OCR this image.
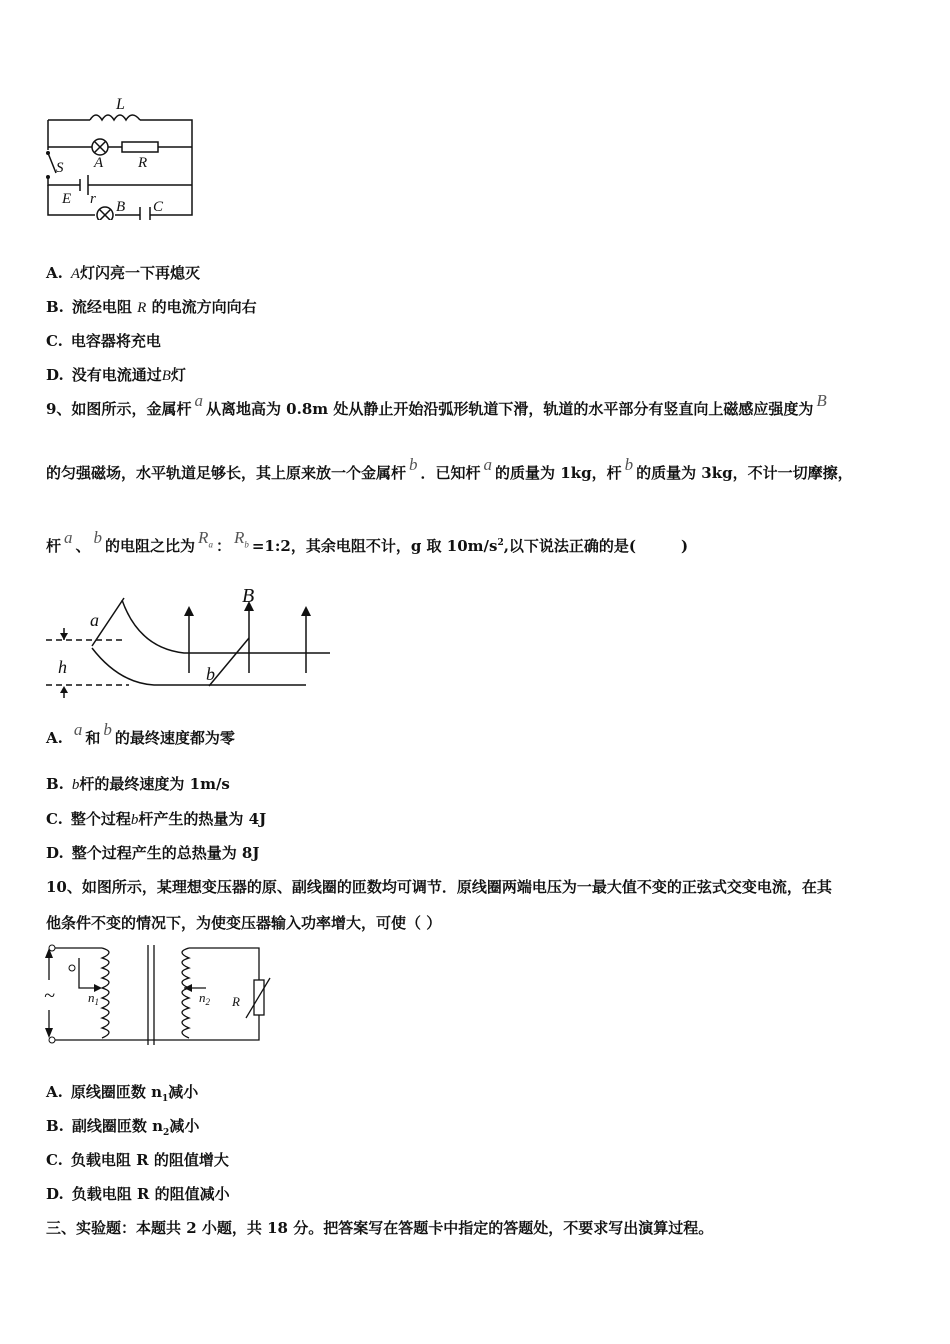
L
A R
S
E r B C
A. A灯闪亮一下再熄灭
B. 流经电阻 R 的电流方向向右
C. 电容器将充电
D. 没有电流通过B灯
9、如图所示，金属杆 a 从离地高为 0.8m 处从静止开始沿弧形轨道下滑，轨道的水平部分有竖直向上磁感应强度为 B
的匀强磁场，水平轨道足够长，其上原来放一个金属杆 b ．已知杆 a 的质量为 1kg，杆 b 的质量为 3kg，不计一切摩擦，
杆 a 、 b 的电阻之比为 $R_a$ ： $R_b$ =1:2，其余电阻不计，g 取 $10m/s^2$,以下说法正确的是(　　　)
a
b
B
h
A. a 和 b 的最终速度都为零
B. b杆的最终速度为 1m/s
C. 整个过程b杆产生的热量为 4J
D. 整个过程产生的总热量为 8J
10、如图所示，某理想变压器的原、副线圈的匝数均可调节．原线圈两端电压为一最大值不变的正弦式交变电流，在其
他条件不变的情况下，为使变压器输入功率增大，可使（ ）
~	$n_1$	$n_2$ R
A. 原线圈匝数 $n_1$减小
B. 副线圈匝数 $n_2$减小
C. 负载电阻 R 的阻值增大
D. 负载电阻 R 的阻值减小
三、实验题：本题共 2 小题，共 18 分。把答案写在答题卡中指定的答题处，不要求写出演算过程。
